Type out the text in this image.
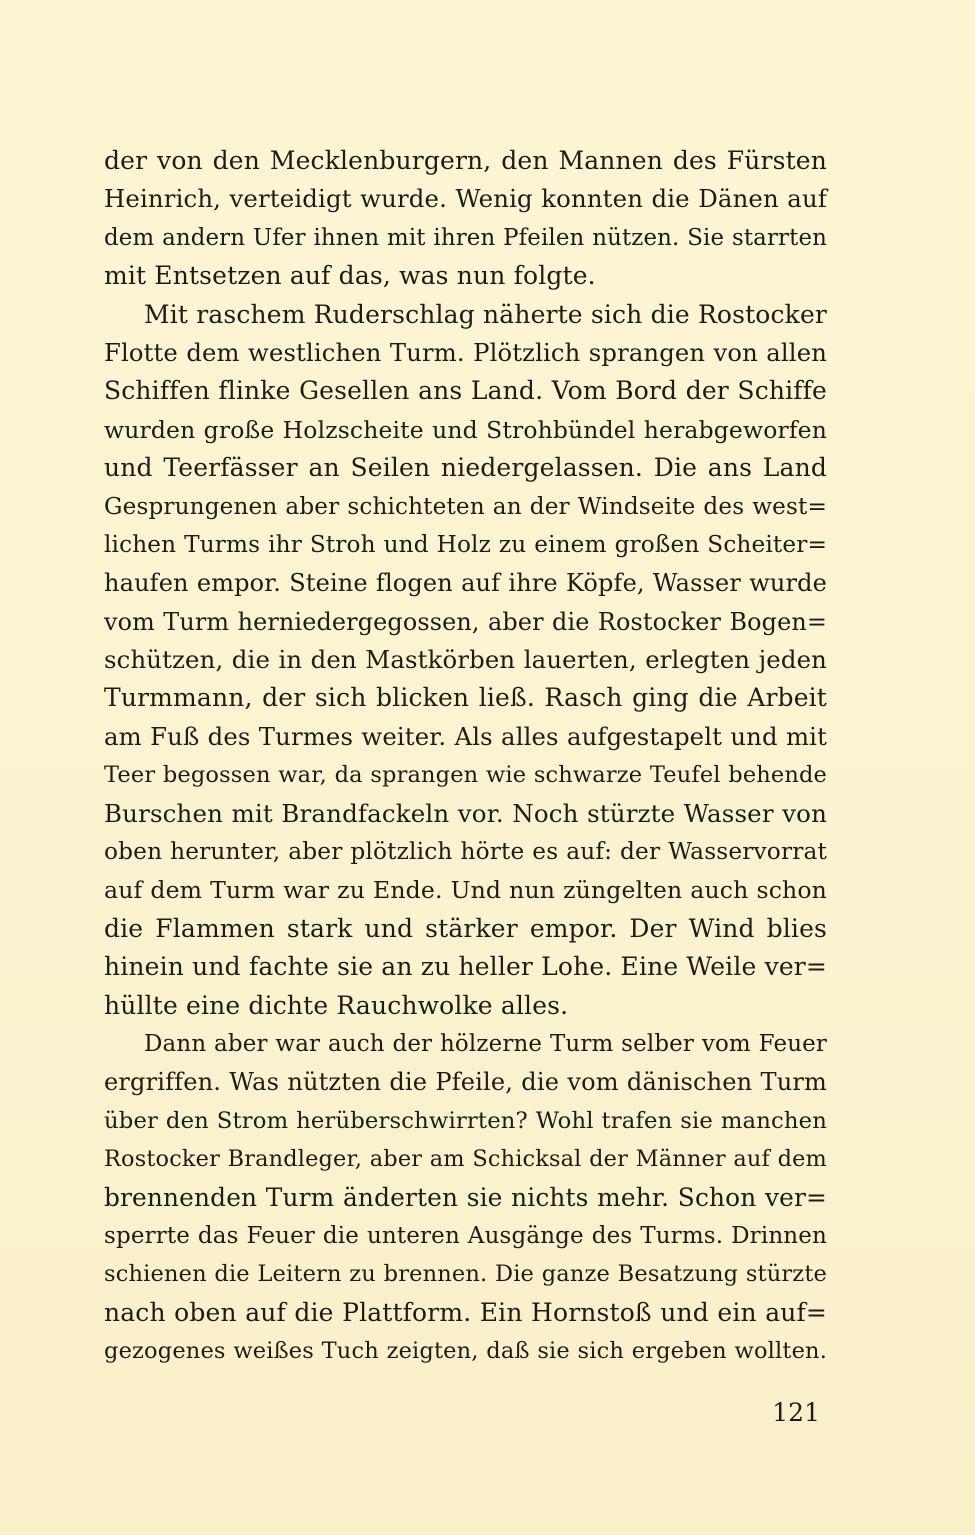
der von den Mecklenburgern, den Mannen des Fürsten
Heinrich, verteidigt wurde. Wenig konnten die Dänen auf
dem andern Ufer ihnen mit ihren Pfeilen nützen. Sie starrten
mit Entsetzen auf das, was nun folgte.
Mit raschem Ruderschlag näherte sich die Rostocker
Flotte dem westlichen Turm. Plötzlich sprangen von allen
Schiffen flinke Gesellen ans Land. Vom Bord der Schiffe
wurden große Holzscheite und Strohbündel herabgeworfen
und Teerfässer an Seilen niedergelassen. Die ans Land
Gesprungenen aber schichteten an der Windseite des west=
lichen Turms ihr Stroh und Holz zu einem großen Scheiter=
haufen empor. Steine flogen auf ihre Köpfe, Wasser wurde
vom Turm herniedergegossen, aber die Rostocker Bogen=
schützen, die in den Mastkörben lauerten, erlegten jeden
Turmmann, der sich blicken ließ. Rasch ging die Arbeit
am Fuß des Turmes weiter. Als alles aufgestapelt und mit
Teer begossen war, da sprangen wie schwarze Teufel behende
Burschen mit Brandfackeln vor. Noch stürzte Wasser von
oben herunter, aber plötzlich hörte es auf: der Wasservorrat
auf dem Turm war zu Ende. Und nun züngelten auch schon
die Flammen stark und stärker empor. Der Wind blies
hinein und fachte sie an zu heller Lohe. Eine Weile ver=
hüllte eine dichte Rauchwolke alles.
Dann aber war auch der hölzerne Turm selber vom Feuer
ergriffen. Was nützten die Pfeile, die vom dänischen Turm
über den Strom herüberschwirrten? Wohl trafen sie manchen
Rostocker Brandleger, aber am Schicksal der Männer auf dem
brennenden Turm änderten sie nichts mehr. Schon ver=
sperrte das Feuer die unteren Ausgänge des Turms. Drinnen
schienen die Leitern zu brennen. Die ganze Besatzung stürzte
nach oben auf die Plattform. Ein Hornstoß und ein auf=
gezogenes weißes Tuch zeigten, daß sie sich ergeben wollten.
121
